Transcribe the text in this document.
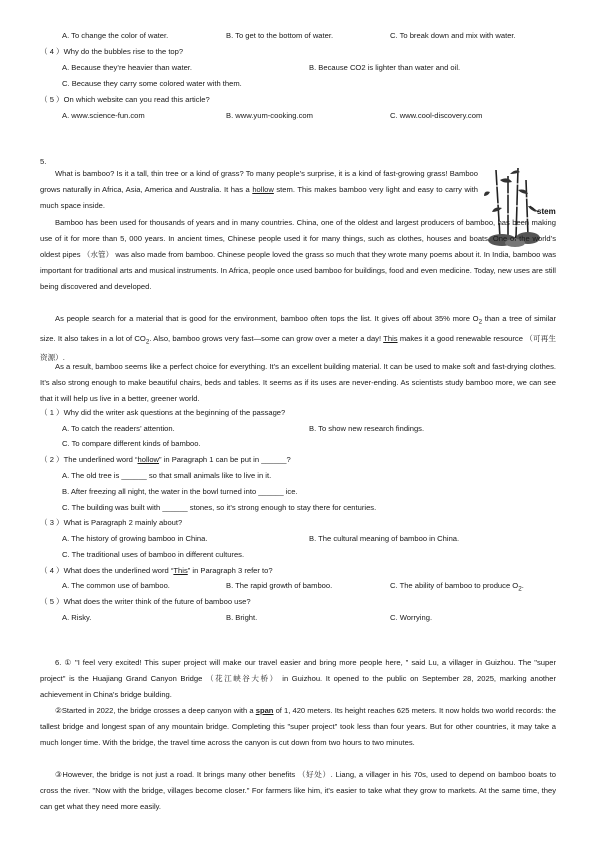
A. To change the color of water.	B. To get to the bottom of water.	C. To break down and mix with water.
（ 4 ）Why do the bubbles rise to the top?
A. Because they’re heavier than water.	B. Because CO2 is lighter than water and oil.
C. Because they carry some colored water with them.
（ 5 ）On which website can you read this article?
A. www.science-fun.com	B. www.yum-cooking.com	C. www.cool-discovery.com
5.
stem
What is bamboo? Is it a tall, thin tree or a kind of grass? To many people’s surprise, it is a kind of fast-growing grass! Bamboo grows naturally in Africa, Asia, America and Australia. It has a hollow stem. This makes bamboo very light and easy to carry with much space inside.
Bamboo has been used for thousands of years and in many countries. China, one of the oldest and largest producers of bamboo, has been making use of it for more than 5, 000 years. In ancient times, Chinese people used it for many things, such as clothes, houses and boats. One of the world’s oldest pipes （水管） was also made from bamboo. Chinese people loved the grass so much that they wrote many poems about it. In India, bamboo was important for traditional arts and musical instruments. In Africa, people once used bamboo for buildings, food and even medicine. Today, new uses are still being discovered and developed.
As people search for a material that is good for the environment, bamboo often tops the list. It gives off about 35% more $O_2$ than a tree of similar size. It also takes in a lot of $CO_2$. Also, bamboo grows very fast—some can grow over a meter a day! This makes it a good renewable resource （可再生资源）.
As a result, bamboo seems like a perfect choice for everything. It’s an excellent building material. It can be used to make soft and fast-drying clothes. It’s also strong enough to make beautiful chairs, beds and tables. It seems as if its uses are never-ending. As scientists study bamboo more, we can see that it will help us live in a better, greener world.
（ 1 ）Why did the writer ask questions at the beginning of the passage?
A. To catch the readers’ attention.	B. To show new research findings.
C. To compare different kinds of bamboo.
（ 2 ）The underlined word “hollow” in Paragraph 1 can be put in ______?
A. The old tree is ______ so that small animals like to live in it.
B. After freezing all night, the water in the bowl turned into ______ ice.
C. The building was built with ______ stones, so it’s strong enough to stay there for centuries.
（ 3 ）What is Paragraph 2 mainly about?
A. The history of growing bamboo in China.	B. The cultural meaning of bamboo in China.
C. The traditional uses of bamboo in different cultures.
（ 4 ）What does the underlined word “This” in Paragraph 3 refer to?
A. The common use of bamboo.	B. The rapid growth of bamboo.	C. The ability of bamboo to produce $O_2$.
（ 5 ）What does the writer think of the future of bamboo use?
A. Risky.	B. Bright.	C. Worrying.
6. ① "I feel very excited! This super project will make our travel easier and bring more people here, " said Lu, a villager in Guizhou. The "super project" is the Huajiang Grand Canyon Bridge （花江峡谷大桥） in Guizhou. It opened to the public on September 28, 2025, marking another achievement in China's bridge building.
②Started in 2022, the bridge crosses a deep canyon with a span of 1, 420 meters. Its height reaches 625 meters. It now holds two world records: the tallest bridge and longest span of any mountain bridge. Completing this "super project" took less than four years. But for other countries, it may take a much longer time. With the bridge, the travel time across the canyon is cut down from two hours to two minutes.
③However, the bridge is not just a road. It brings many other benefits （好处）. Liang, a villager in his 70s, used to depend on bamboo boats to cross the river. "Now with the bridge, villages become closer." For farmers like him, it's easier to take what they grow to markets. At the same time, they can get what they need more easily.
